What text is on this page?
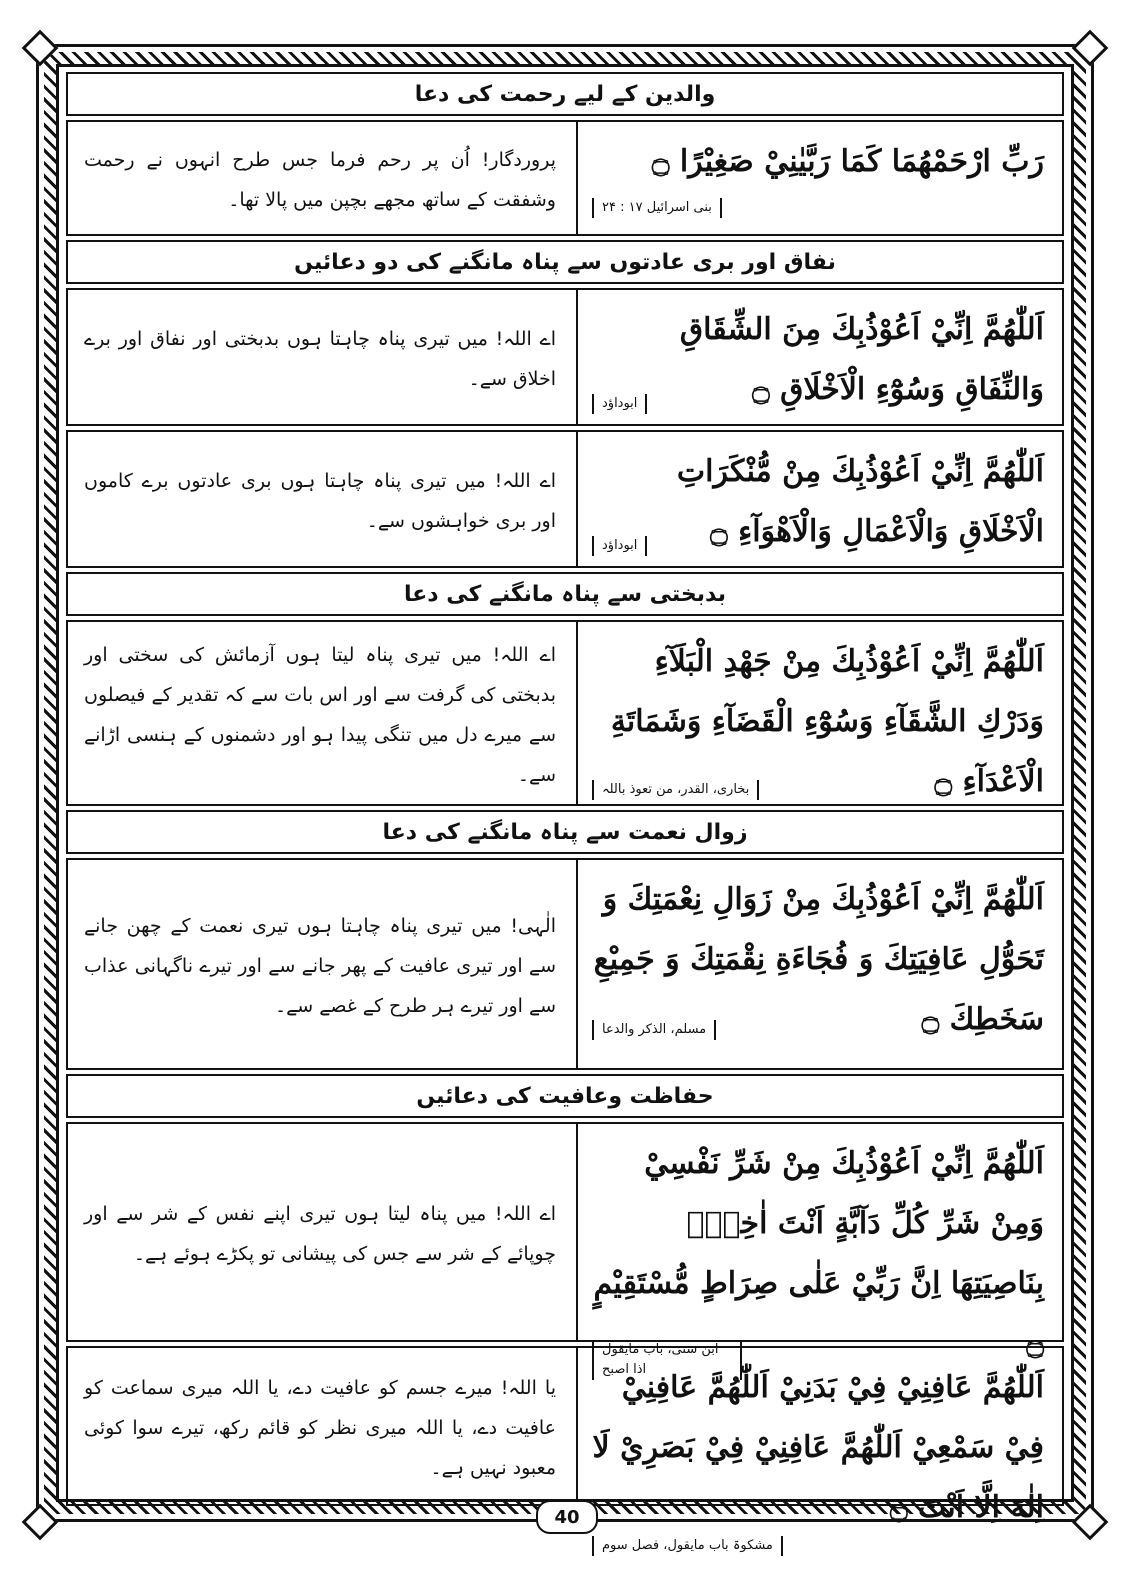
والدین کے لیے رحمت کی دعا
رَبِّ ارْحَمْهُمَا كَمَا رَبَّيٰنِيْ صَغِيْرًا ۝
بنی اسرائیل ۱۷ : ۲۴
پروردگار! اُن پر رحم فرما جس طرح انہوں نے رحمت وشفقت کے ساتھ مجھے بچپن میں پالا تھا۔
نفاق اور بری عادتوں سے پناہ مانگنے کی دو دعائیں
اَللّٰهُمَّ اِنِّيْ اَعُوْذُبِكَ مِنَ الشِّقَاقِ وَالنِّفَاقِ وَسُوْٓءِ الْاَخْلَاقِ ۝
ابوداؤد
اے اللہ! میں تیری پناہ چاہتا ہوں بدبختی اور نفاق اور برے اخلاق سے۔
اَللّٰهُمَّ اِنِّيْ اَعُوْذُبِكَ مِنْ مُّنْكَرَاتِ الْاَخْلَاقِ وَالْاَعْمَالِ وَالْاَهْوَآءِ ۝
ابوداؤد
اے اللہ! میں تیری پناہ چاہتا ہوں بری عادتوں برے کاموں اور بری خواہشوں سے۔
بدبختی سے پناہ مانگنے کی دعا
اَللّٰهُمَّ اِنِّيْ اَعُوْذُبِكَ مِنْ جَهْدِ الْبَلَآءِ وَدَرْكِ الشَّقَآءِ وَسُوْٓءِ الْقَضَآءِ وَشَمَاتَةِ الْاَعْدَآءِ ۝
بخاری، القدر، من تعوذ باللہ
اے اللہ! میں تیری پناہ لیتا ہوں آزمائش کی سختی اور بدبختی کی گرفت سے اور اس بات سے کہ تقدیر کے فیصلوں سے میرے دل میں تنگی پیدا ہو اور دشمنوں کے ہنسی اڑانے سے۔
زوال نعمت سے پناہ مانگنے کی دعا
اَللّٰهُمَّ اِنِّيْ اَعُوْذُبِكَ مِنْ زَوَالِ نِعْمَتِكَ وَ تَحَوُّلِ عَافِيَتِكَ وَ فُجَاءَةِ نِقْمَتِكَ وَ جَمِيْعِ سَخَطِكَ ۝
مسلم، الذکر والدعا
الٰہی! میں تیری پناہ چاہتا ہوں تیری نعمت کے چھن جانے سے اور تیری عافیت کے پھر جانے سے اور تیرے ناگہانی عذاب سے اور تیرے ہر طرح کے غصے سے۔
حفاظت وعافیت کی دعائیں
اَللّٰهُمَّ اِنِّيْ اَعُوْذُبِكَ مِنْ شَرِّ نَفْسِيْ وَمِنْ شَرِّ كُلِّ دَآبَّةٍ اَنْتَ اٰخِذٌۢ بِنَاصِيَتِهَا اِنَّ رَبِّيْ عَلٰى صِرَاطٍ مُّسْتَقِيْمٍ ۝
ابن سنی، باب مایقول اذا اصبح
اے اللہ! میں پناہ لیتا ہوں تیری اپنے نفس کے شر سے اور چوپائے کے شر سے جس کی پیشانی تو پکڑے ہوئے ہے۔
اَللّٰهُمَّ عَافِنِيْ فِيْ بَدَنِيْ اَللّٰهُمَّ عَافِنِيْ فِيْ سَمْعِيْ اَللّٰهُمَّ عَافِنِيْ فِيْ بَصَرِيْ لَا اِلٰهَ اِلَّا اَنْتَ ۝
مشکوۃ باب مایقول، فصل سوم
یا اللہ! میرے جسم کو عافیت دے، یا اللہ میری سماعت کو عافیت دے، یا اللہ میری نظر کو قائم رکھ، تیرے سوا کوئی معبود نہیں ہے۔
40
